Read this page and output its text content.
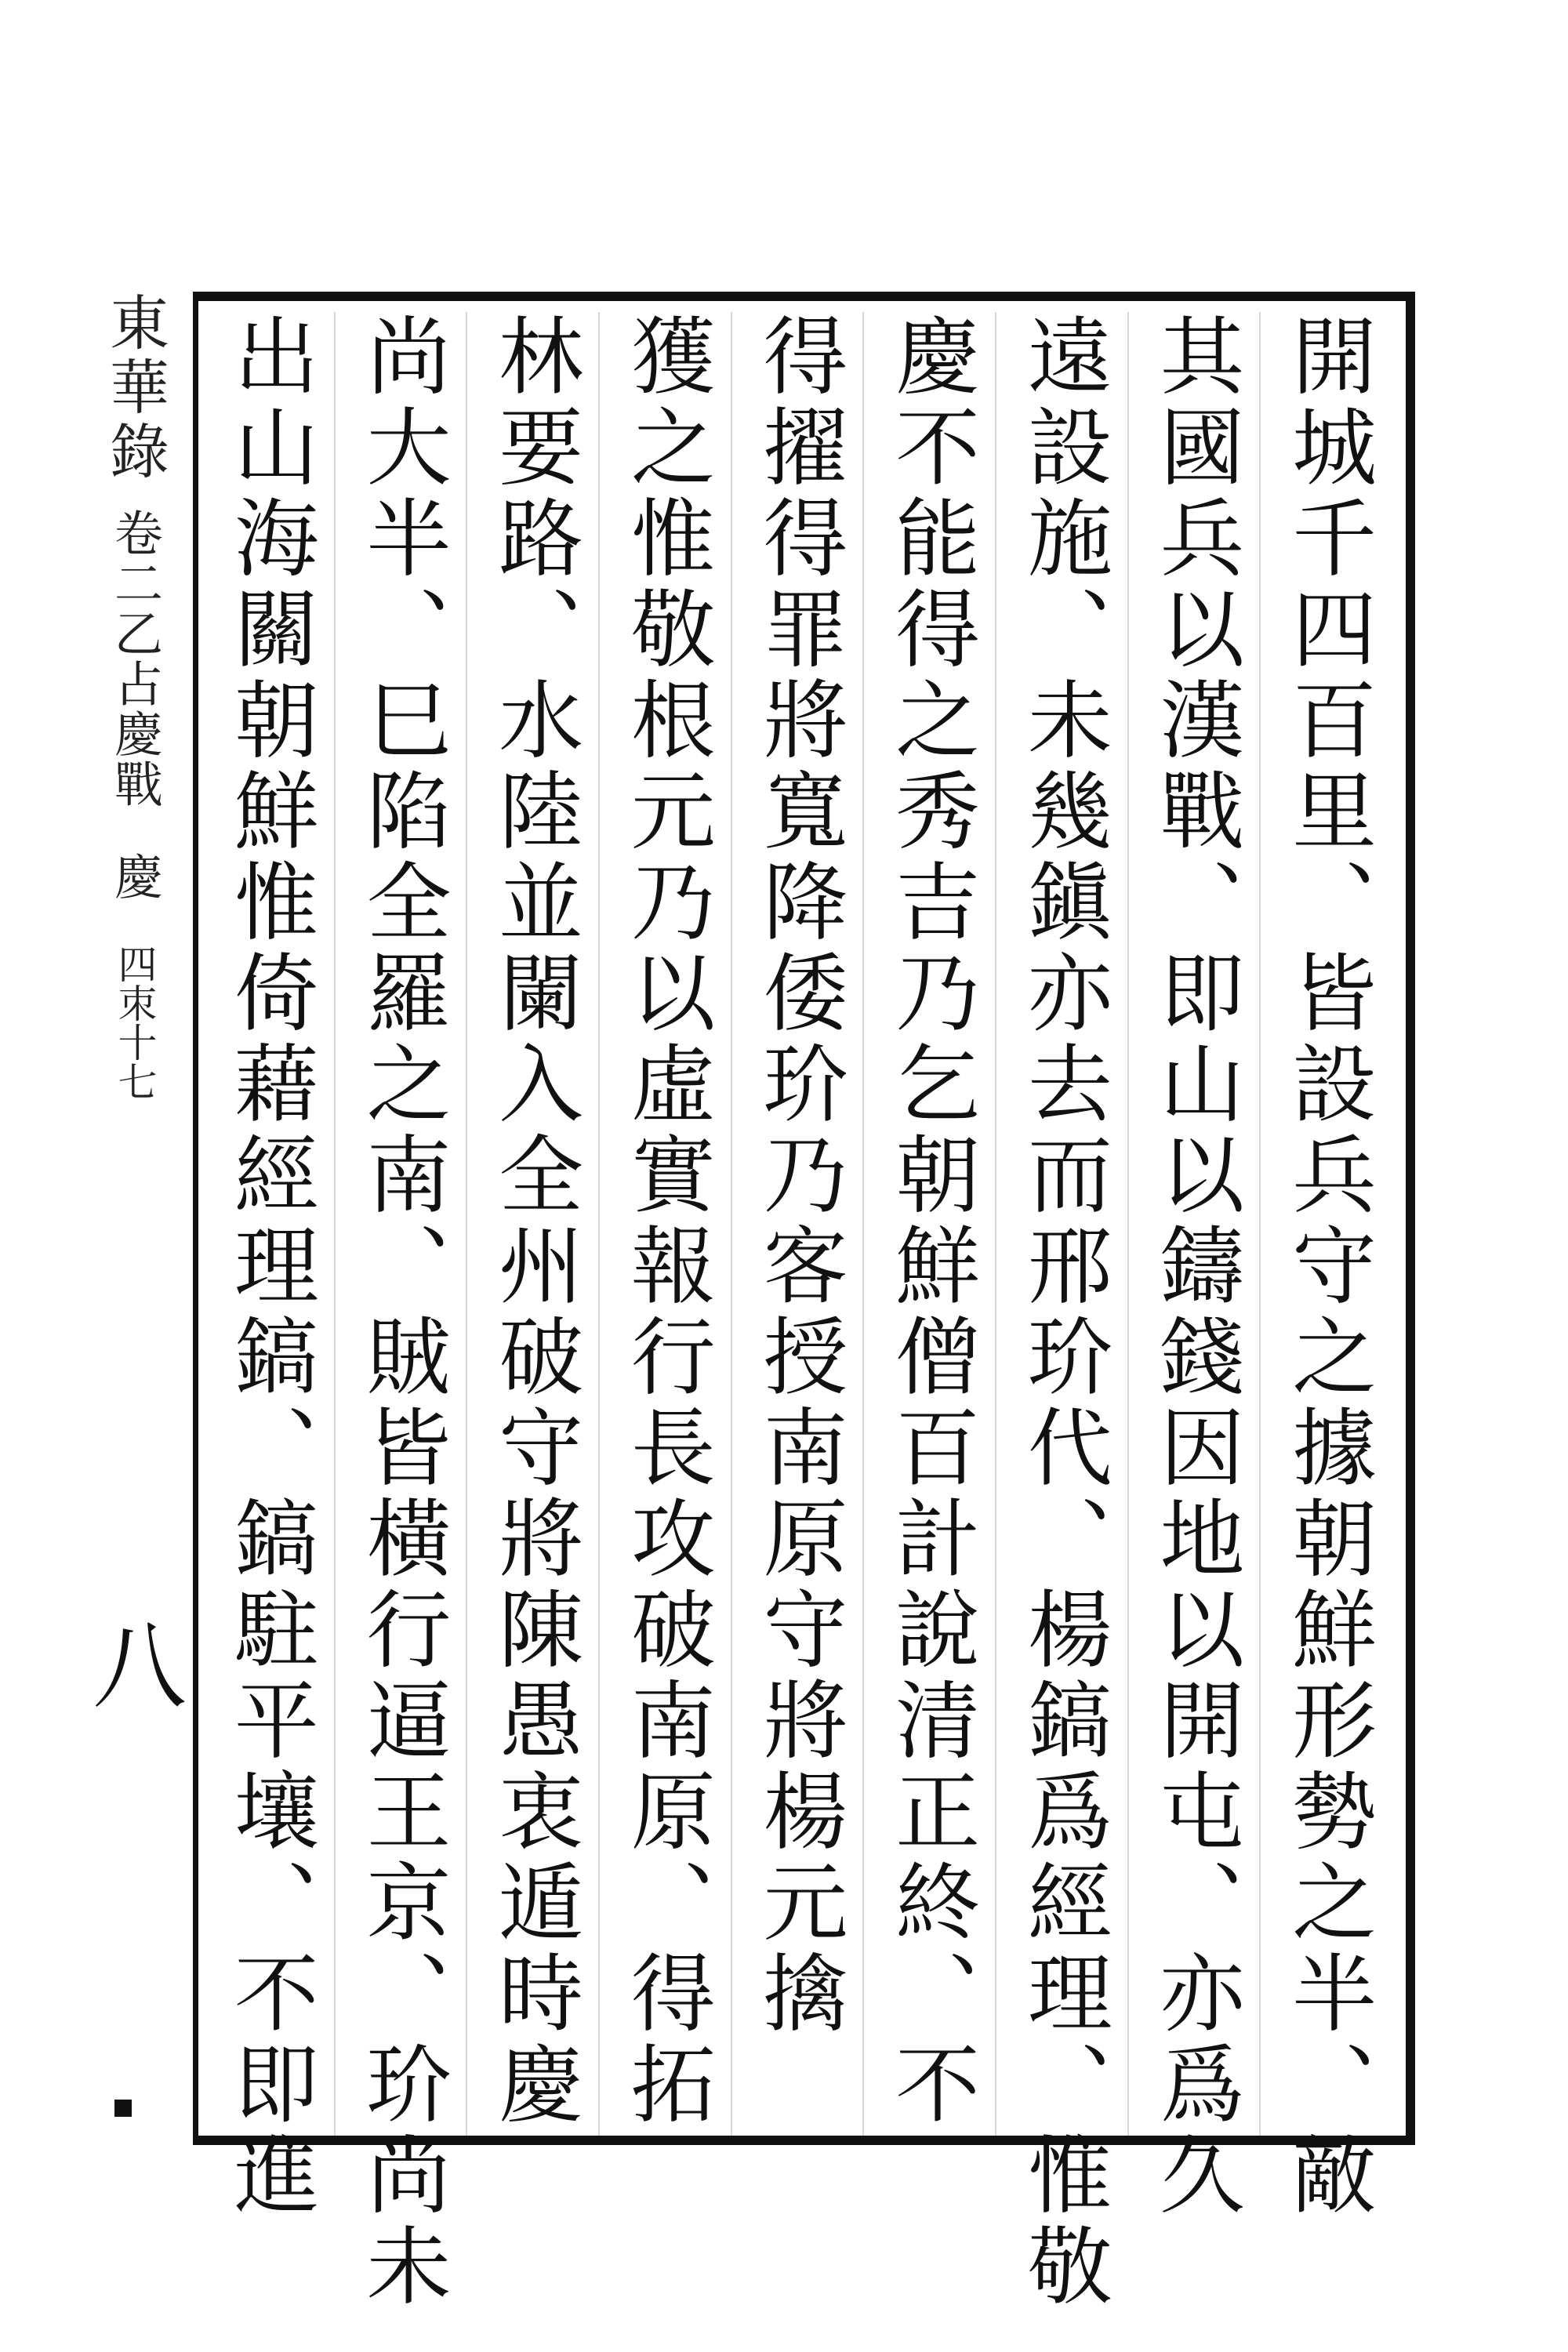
開城千四百里、皆設兵守之據朝鮮形勢之半、敵
其國兵以漢戰、即山以鑄錢因地以開屯、亦爲久
遠設施、未幾鎭亦去而邢玠代、楊鎬爲經理、惟敬
慶不能得之秀吉乃乞朝鮮僧百計說清正終、不
得擢得罪將寬降倭玠乃客授南原守將楊元擒
獲之惟敬根元乃以虛實報行長攻破南原、得拓
林要路、水陸並闌入全州破守將陳愚衷遁時慶
尚大半、巳陷全羅之南、賊皆橫行逼王京、玠尚未
出山海關朝鮮惟倚藉經理鎬、鎬駐平壤、不即進
東華錄卷二乙占慶戰慶四朿十七
八
